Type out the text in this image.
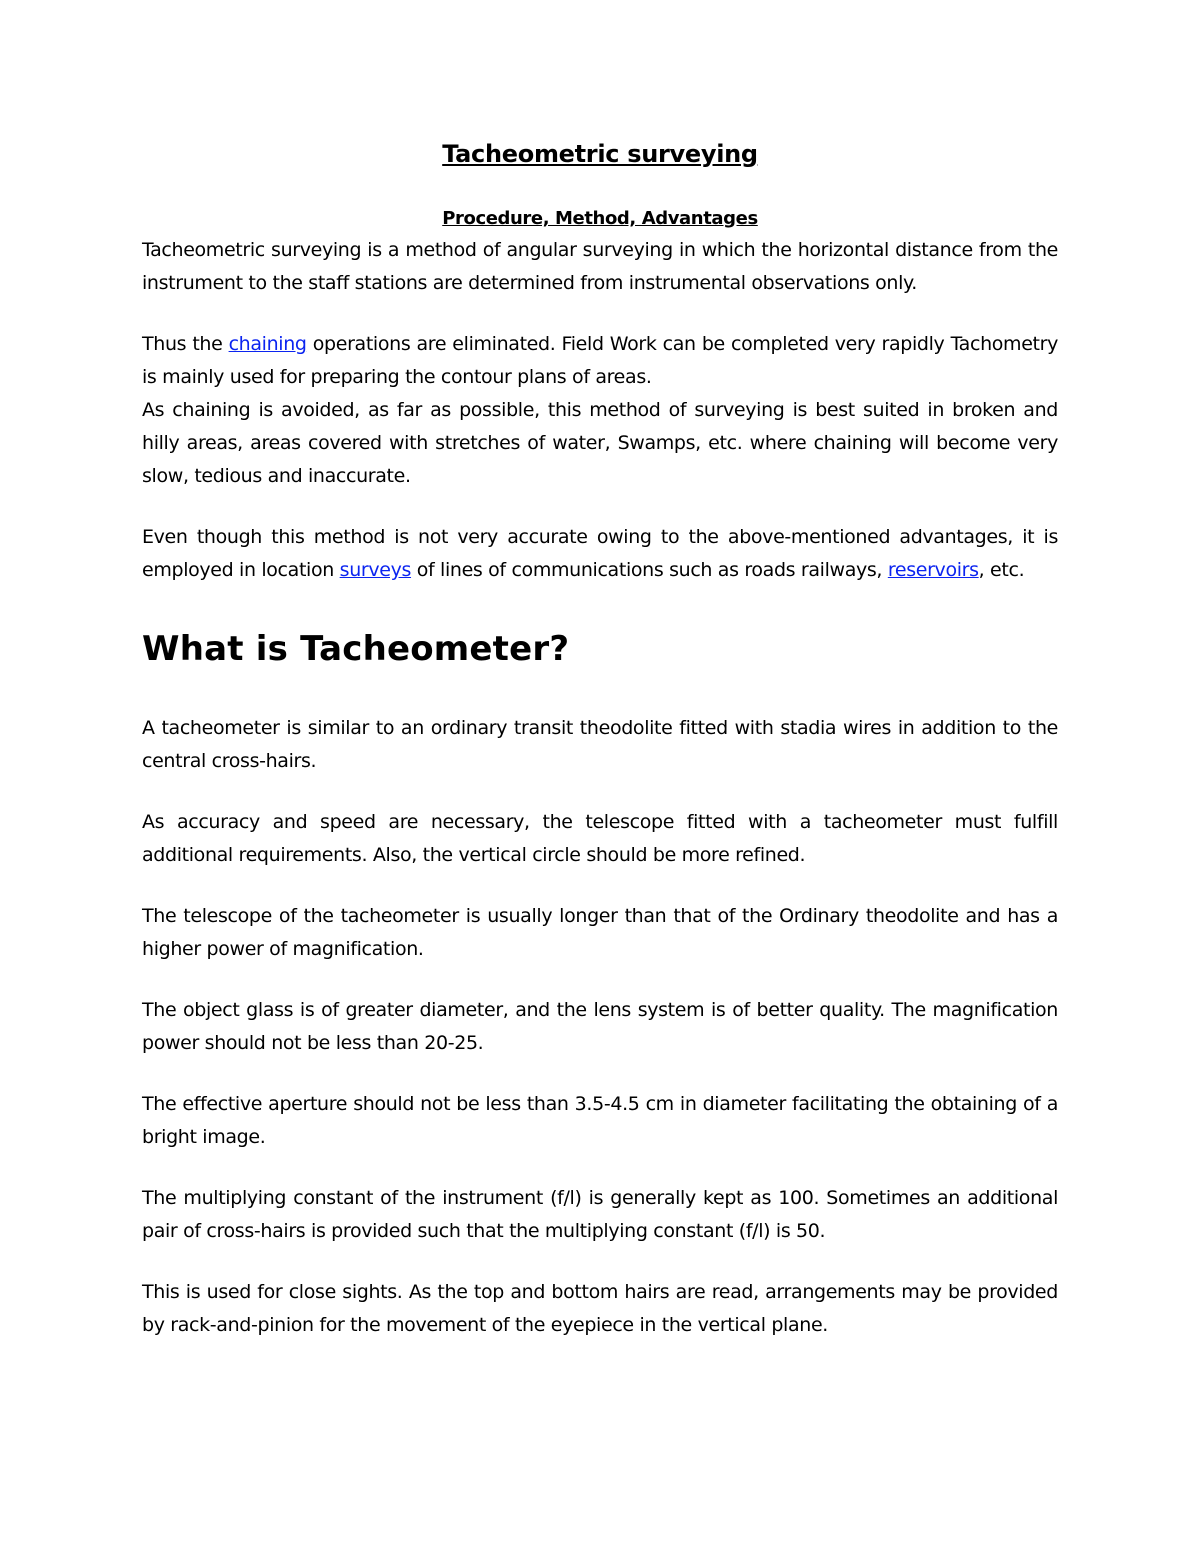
Tacheometric surveying
Procedure, Method, Advantages

Tacheometric surveying is a method of angular surveying in which the horizontal distance from the instrument to the staff stations are determined from instrumental observations only.

Thus the chaining operations are eliminated. Field Work can be completed very rapidly Tachometry is mainly used for preparing the contour plans of areas.

As chaining is avoided, as far as possible, this method of surveying is best suited in broken and hilly areas, areas covered with stretches of water, Swamps, etc. where chaining will become very slow, tedious and inaccurate.

Even though this method is not very accurate owing to the above-mentioned advantages, it is employed in location surveys of lines of communications such as roads railways, reservoirs, etc.

What is Tacheometer?

A tacheometer is similar to an ordinary transit theodolite fitted with stadia wires in addition to the central cross-hairs.

As accuracy and speed are necessary, the telescope fitted with a tacheometer must fulfill additional requirements. Also, the vertical circle should be more refined.

The telescope of the tacheometer is usually longer than that of the Ordinary theodolite and has a higher power of magnification.

The object glass is of greater diameter, and the lens system is of better quality. The magnification power should not be less than 20-25.

The effective aperture should not be less than 3.5-4.5 cm in diameter facilitating the obtaining of a bright image.

The multiplying constant of the instrument (f/l) is generally kept as 100. Sometimes an additional pair of cross-hairs is provided such that the multiplying constant (f/l) is 50.

This is used for close sights. As the top and bottom hairs are read, arrangements may be provided by rack-and-pinion for the movement of the eyepiece in the vertical plane.
